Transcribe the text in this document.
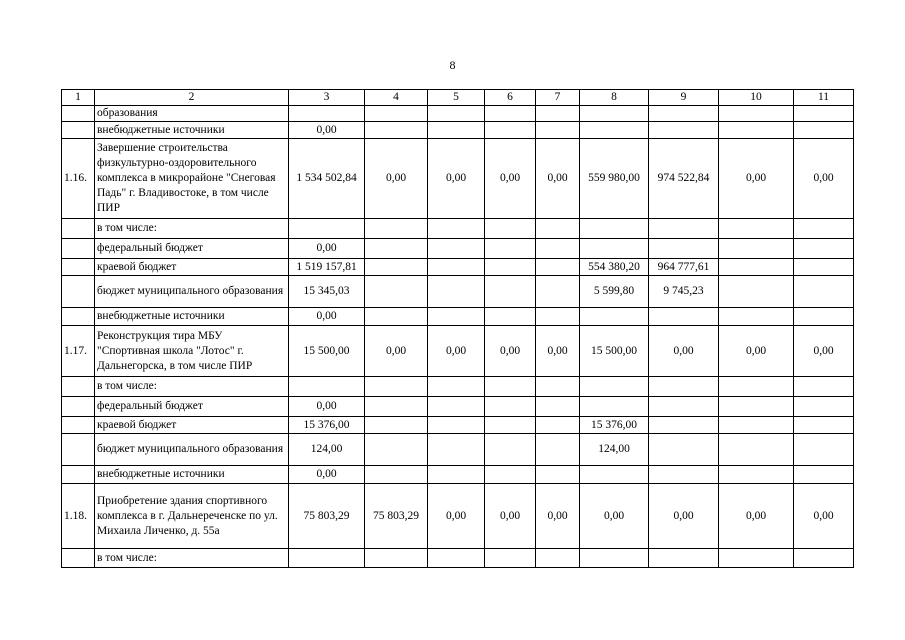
8
1	2	3	4	5	6	7	8	9	10	11
	образования									
	внебюджетные источники	0,00								
1.16.	Завершение строительства физкультурно-оздоровительного комплекса в микрорайоне "Снеговая Падь" г. Владивостоке, в том числе ПИР	1 534 502,84	0,00	0,00	0,00	0,00	559 980,00	974 522,84	0,00	0,00
	в том числе:									
	федеральный бюджет	0,00								
	краевой бюджет	1 519 157,81					554 380,20	964 777,61		
	бюджет муниципального образования	15 345,03					5 599,80	9 745,23		
	внебюджетные источники	0,00								
1.17.	Реконструкция тира МБУ "Спортивная школа "Лотос" г. Дальнегорска, в том числе ПИР	15 500,00	0,00	0,00	0,00	0,00	15 500,00	0,00	0,00	0,00
	в том числе:									
	федеральный бюджет	0,00								
	краевой бюджет	15 376,00					15 376,00			
	бюджет муниципального образования	124,00					124,00			
	внебюджетные источники	0,00								
1.18.	Приобретение здания спортивного комплекса в г. Дальнереченске по ул. Михаила Личенко, д. 55а	75 803,29	75 803,29	0,00	0,00	0,00	0,00	0,00	0,00	0,00
	в том числе:									
